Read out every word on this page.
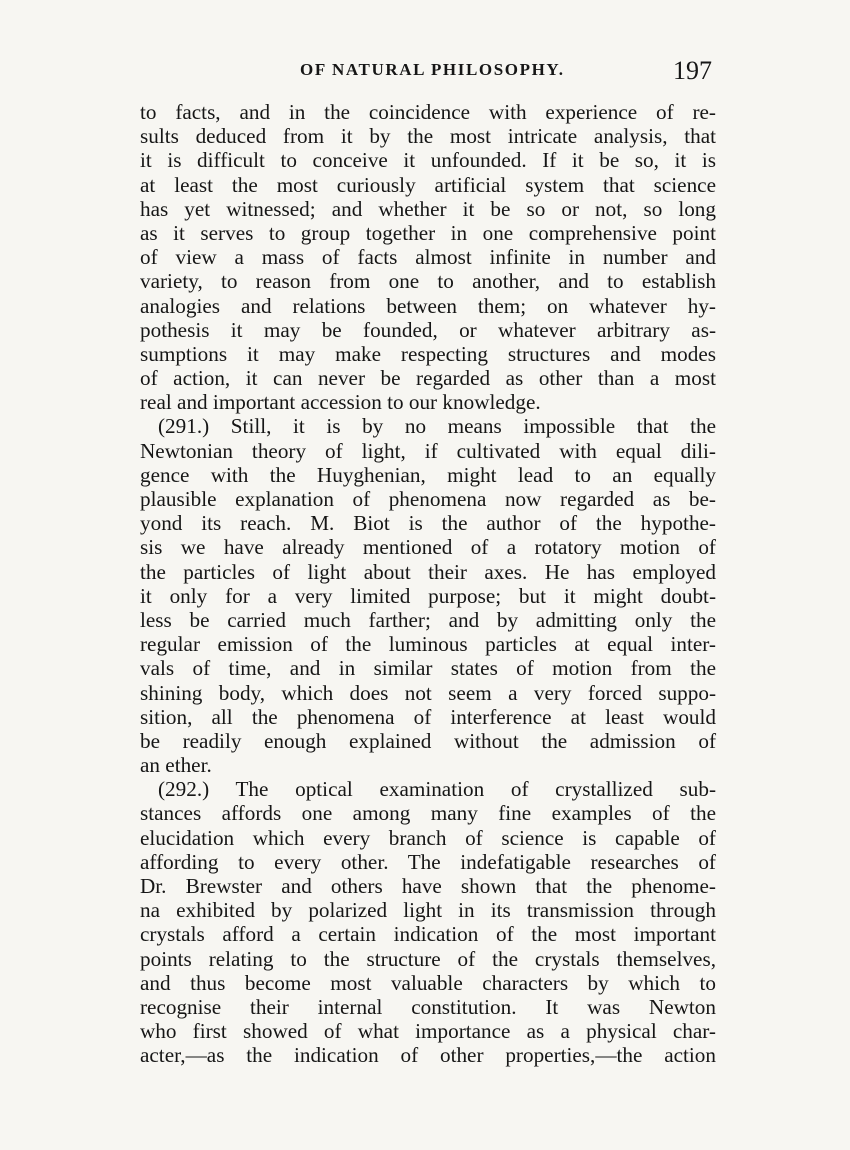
OF NATURAL PHILOSOPHY.	197
to facts, and in the coincidence with experience of re-
sults deduced from it by the most intricate analysis, that
it is difficult to conceive it unfounded. If it be so, it is
at least the most curiously artificial system that science
has yet witnessed; and whether it be so or not, so long
as it serves to group together in one comprehensive point
of view a mass of facts almost infinite in number and
variety, to reason from one to another, and to establish
analogies and relations between them; on whatever hy-
pothesis it may be founded, or whatever arbitrary as-
sumptions it may make respecting structures and modes
of action, it can never be regarded as other than a most
real and important accession to our knowledge.
(291.) Still, it is by no means impossible that the
Newtonian theory of light, if cultivated with equal dili-
gence with the Huyghenian, might lead to an equally
plausible explanation of phenomena now regarded as be-
yond its reach. M. Biot is the author of the hypothe-
sis we have already mentioned of a rotatory motion of
the particles of light about their axes. He has employed
it only for a very limited purpose; but it might doubt-
less be carried much farther; and by admitting only the
regular emission of the luminous particles at equal inter-
vals of time, and in similar states of motion from the
shining body, which does not seem a very forced suppo-
sition, all the phenomena of interference at least would
be readily enough explained without the admission of
an ether.
(292.) The optical examination of crystallized sub-
stances affords one among many fine examples of the
elucidation which every branch of science is capable of
affording to every other. The indefatigable researches of
Dr. Brewster and others have shown that the phenome-
na exhibited by polarized light in its transmission through
crystals afford a certain indication of the most important
points relating to the structure of the crystals themselves,
and thus become most valuable characters by which to
recognise their internal constitution. It was Newton
who first showed of what importance as a physical char-
acter,—as the indication of other properties,—the action
